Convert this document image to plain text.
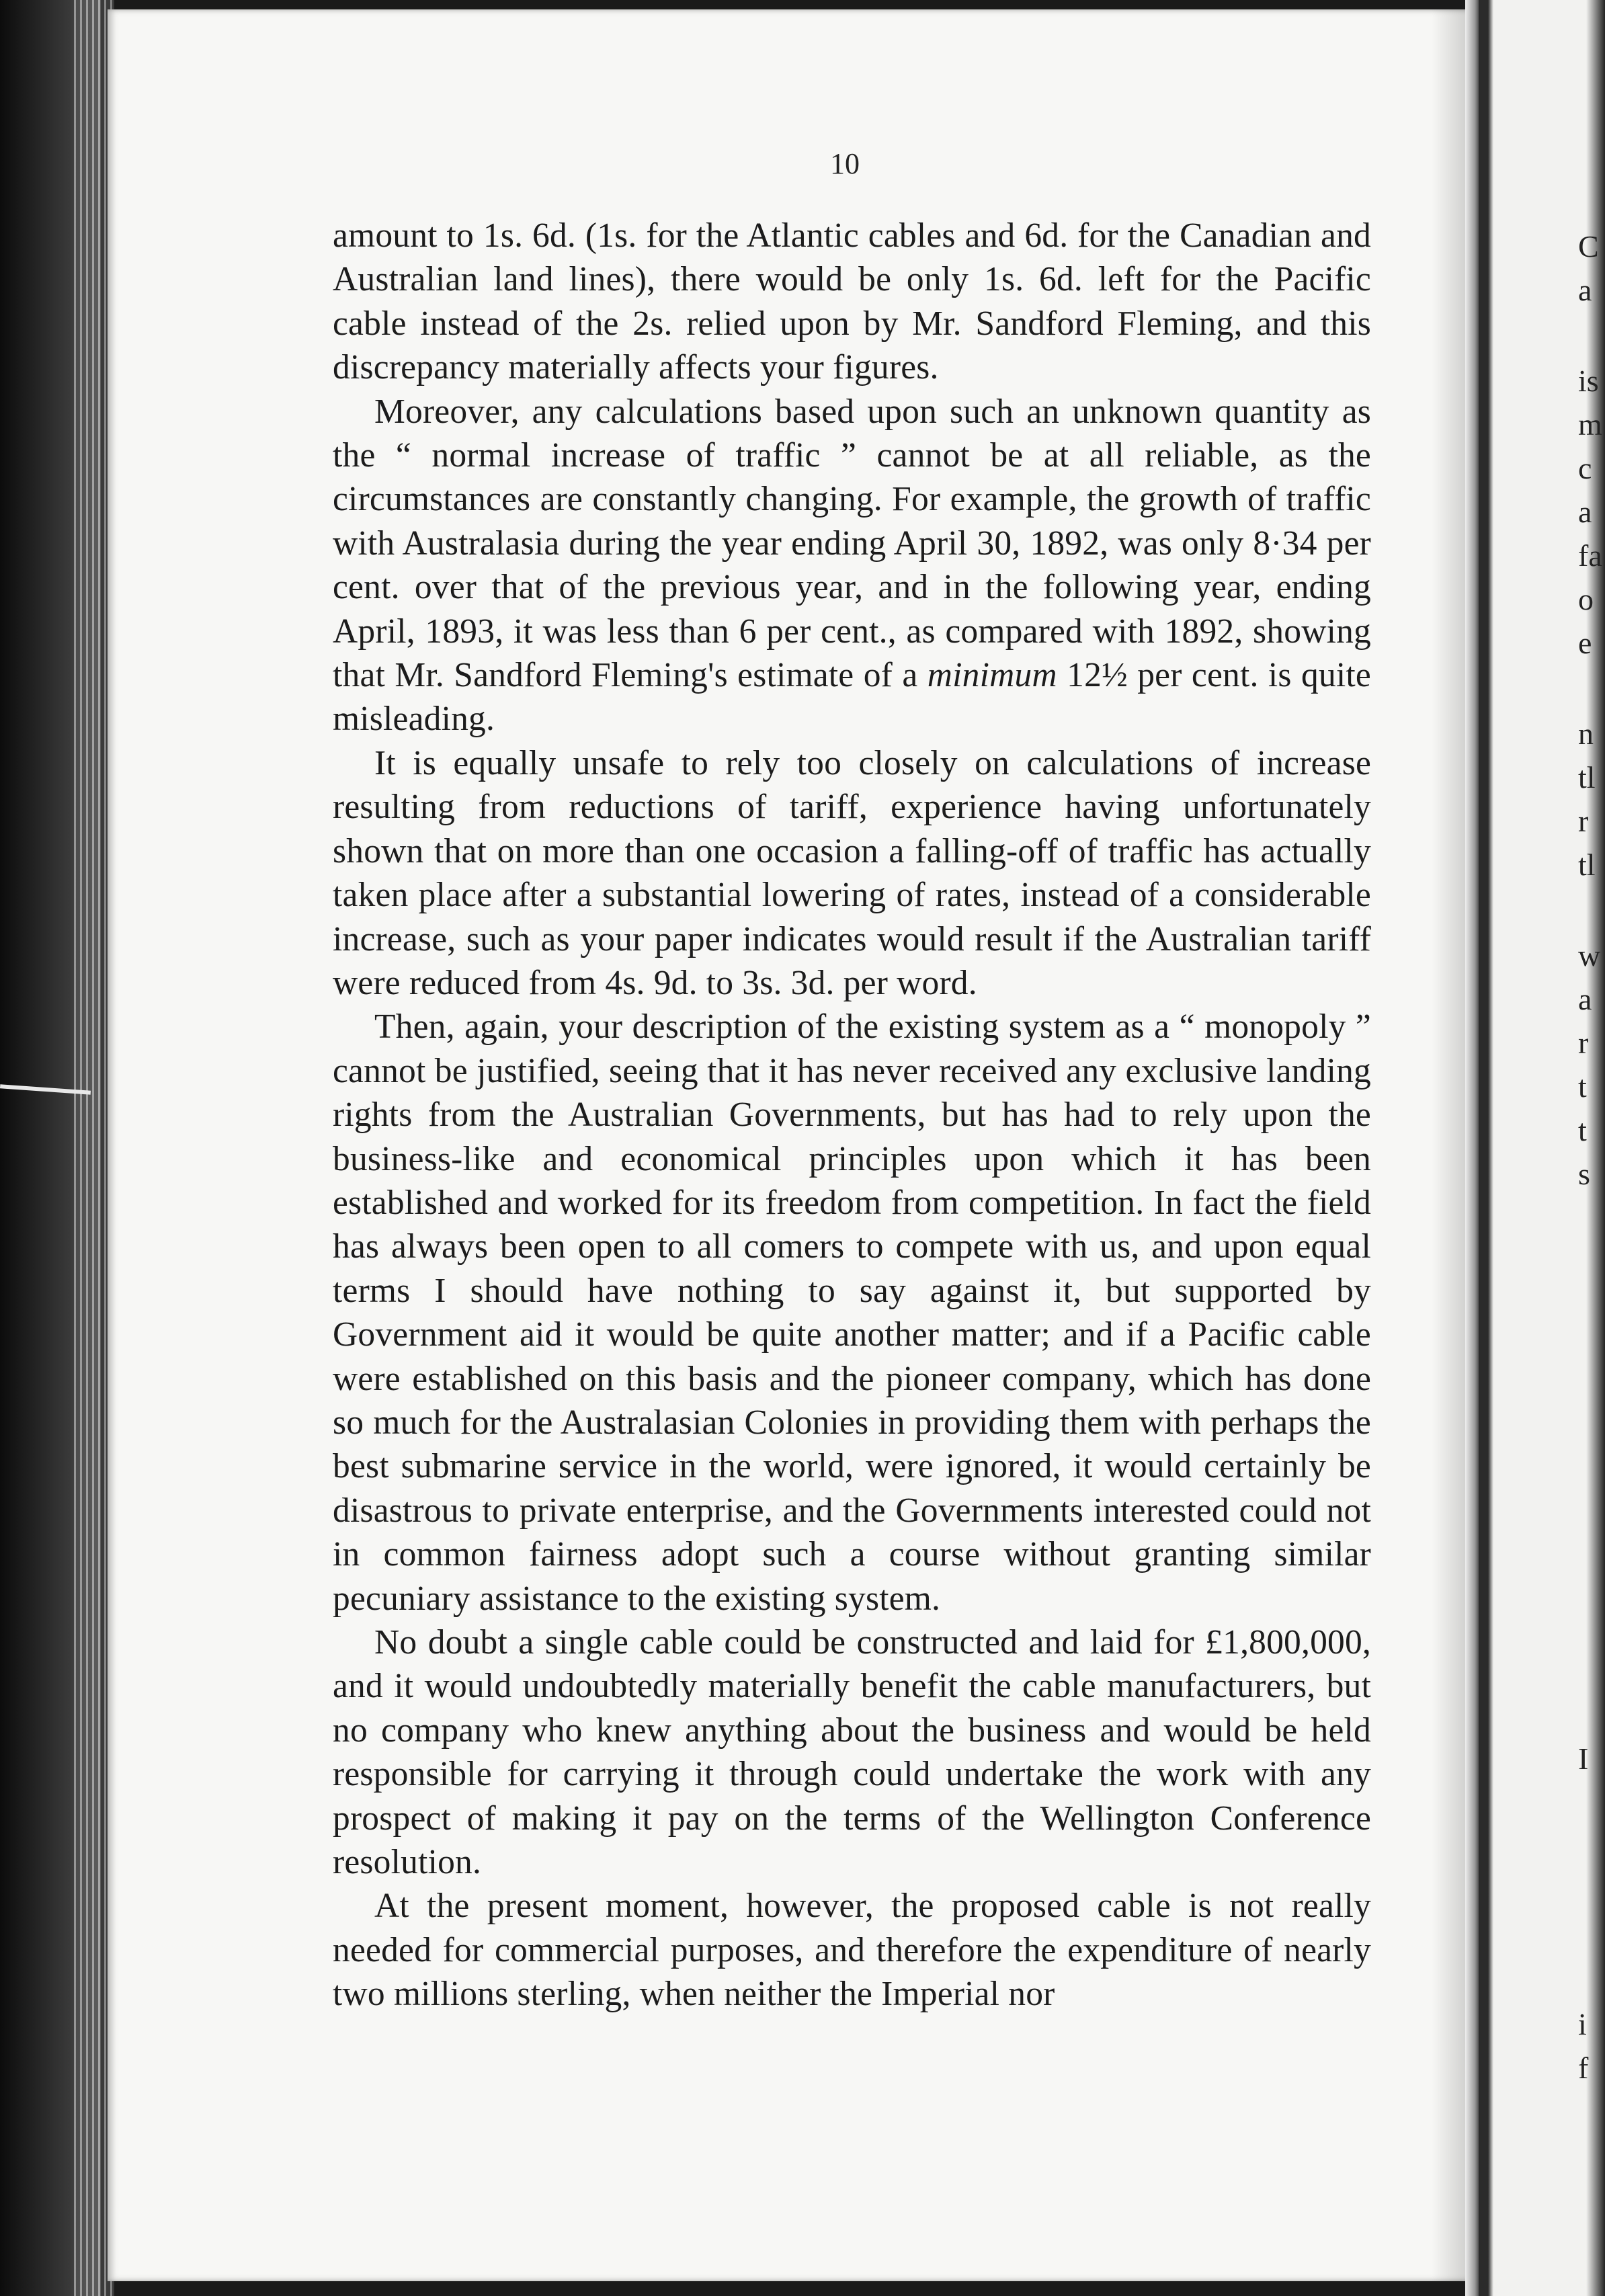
10

amount to 1s. 6d. (1s. for the Atlantic cables and 6d. for the Canadian and Australian land lines), there would be only 1s. 6d. left for the Pacific cable instead of the 2s. relied upon by Mr. Sandford Fleming, and this discrepancy materially affects your figures.

Moreover, any calculations based upon such an unknown quantity as the “ normal increase of traffic ” cannot be at all reliable, as the circumstances are constantly changing. For example, the growth of traffic with Australasia during the year ending April 30, 1892, was only 8·34 per cent. over that of the previous year, and in the following year, ending April, 1893, it was less than 6 per cent., as compared with 1892, showing that Mr. Sandford Fleming's estimate of a minimum 12½ per cent. is quite misleading.

It is equally unsafe to rely too closely on calculations of increase resulting from reductions of tariff, experience having unfortunately shown that on more than one occasion a falling-off of traffic has actually taken place after a substantial lowering of rates, instead of a considerable increase, such as your paper indicates would result if the Australian tariff were reduced from 4s. 9d. to 3s. 3d. per word.

Then, again, your description of the existing system as a “ monopoly ” cannot be justified, seeing that it has never received any exclusive landing rights from the Australian Governments, but has had to rely upon the business-like and economical principles upon which it has been established and worked for its freedom from competition. In fact the field has always been open to all comers to compete with us, and upon equal terms I should have nothing to say against it, but supported by Government aid it would be quite another matter; and if a Pacific cable were established on this basis and the pioneer company, which has done so much for the Australasian Colonies in providing them with perhaps the best submarine service in the world, were ignored, it would certainly be disastrous to private enterprise, and the Governments interested could not in common fairness adopt such a course without granting similar pecuniary assistance to the existing system.

No doubt a single cable could be constructed and laid for £1,800,000, and it would undoubtedly materially benefit the cable manufacturers, but no company who knew anything about the business and would be held responsible for carrying it through could undertake the work with any prospect of making it pay on the terms of the Wellington Conference resolution.

At the present moment, however, the proposed cable is not really needed for commercial purposes, and therefore the expenditure of nearly two millions sterling, when neither the Imperial nor

C
a
is
m
c
a
fa
o
e
n
tl
r
tl
w
a
r
t
t
s
I
i
f
